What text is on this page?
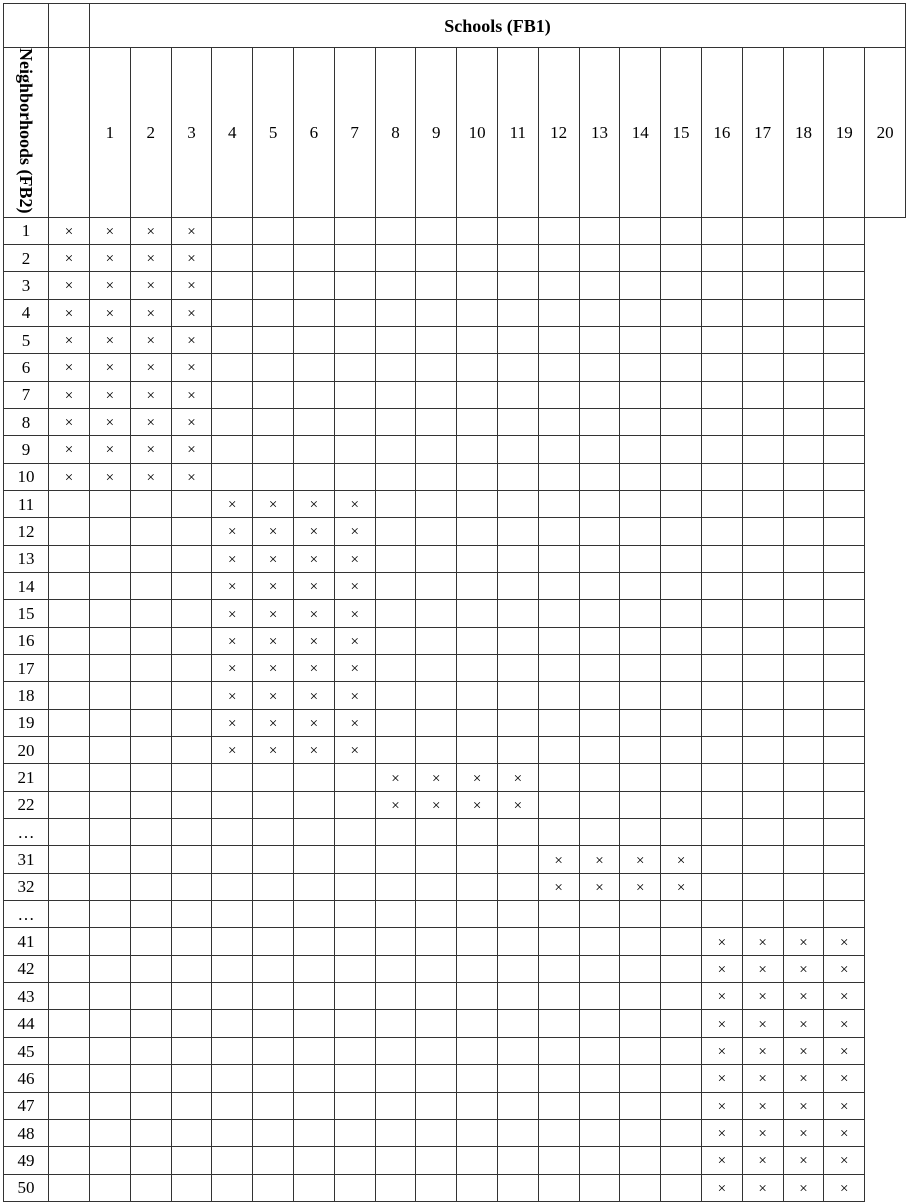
		Schools (FB1)																			
Neighborhoods (FB2)		1	2	3	4	5	6	7	8	9	10	11	12	13	14	15	16	17	18	19	20
1	×	×	×	×																	
2	×	×	×	×																	
3	×	×	×	×																	
4	×	×	×	×																	
5	×	×	×	×																	
6	×	×	×	×																	
7	×	×	×	×																	
8	×	×	×	×																	
9	×	×	×	×																	
10	×	×	×	×																	
11					×	×	×	×													
12					×	×	×	×													
13					×	×	×	×													
14					×	×	×	×													
15					×	×	×	×													
16					×	×	×	×													
17					×	×	×	×													
18					×	×	×	×													
19					×	×	×	×													
20					×	×	×	×													
21									×	×	×	×									
22									×	×	×	×									
…																					
31													×	×	×	×					
32													×	×	×	×					
…																					
41																	×	×	×	×	
42																	×	×	×	×	
43																	×	×	×	×	
44																	×	×	×	×	
45																	×	×	×	×	
46																	×	×	×	×	
47																	×	×	×	×	
48																	×	×	×	×	
49																	×	×	×	×	
50																	×	×	×	×	
